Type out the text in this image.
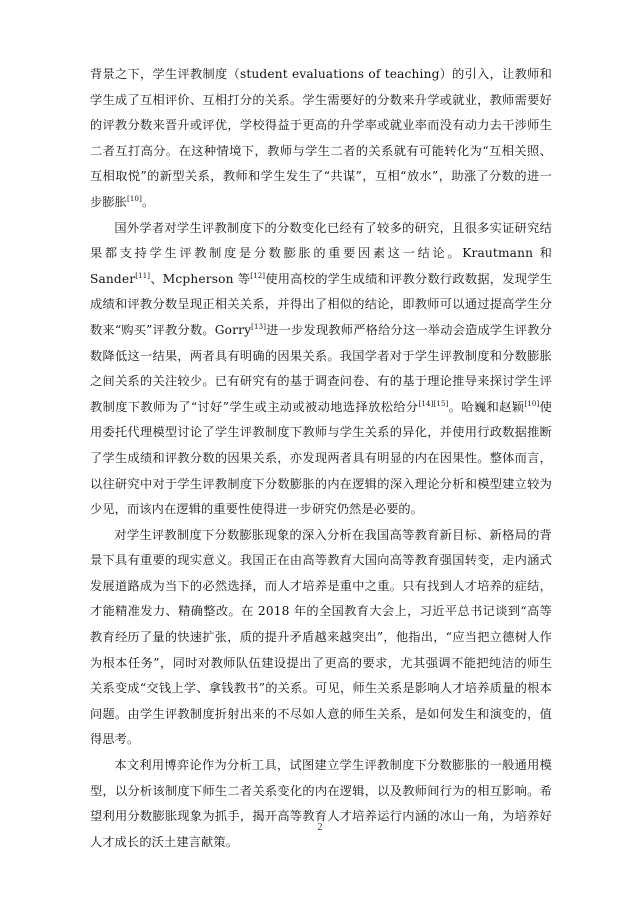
背景之下，学生评教制度（student evaluations of teaching）的引入，让教师和学生成了互相评价、互相打分的关系。学生需要好的分数来升学或就业，教师需要好的评教分数来晋升或评优，学校得益于更高的升学率或就业率而没有动力去干涉师生二者互打高分。在这种情境下，教师与学生二者的关系就有可能转化为“互相关照、互相取悦”的新型关系，教师和学生发生了“共谋”，互相“放水”，助涨了分数的进一步膨胀[10]。

国外学者对学生评教制度下的分数变化已经有了较多的研究，且很多实证研究结果都支持学生评教制度是分数膨胀的重要因素这一结论。Krautmann 和 Sander[11]、Mcpherson 等[12]使用高校的学生成绩和评教分数行政数据，发现学生成绩和评教分数呈现正相关关系，并得出了相似的结论，即教师可以通过提高学生分数来“购买”评教分数。Gorry[13]进一步发现教师严格给分这一举动会造成学生评教分数降低这一结果，两者具有明确的因果关系。我国学者对于学生评教制度和分数膨胀之间关系的关注较少。已有研究有的基于调查问卷、有的基于理论推导来探讨学生评教制度下教师为了“讨好”学生或主动或被动地选择放松给分[14][15]。哈巍和赵颖[10]使用委托代理模型讨论了学生评教制度下教师与学生关系的异化，并使用行政数据推断了学生成绩和评教分数的因果关系，亦发现两者具有明显的内在因果性。整体而言，以往研究中对于学生评教制度下分数膨胀的内在逻辑的深入理论分析和模型建立较为少见，而该内在逻辑的重要性使得进一步研究仍然是必要的。

对学生评教制度下分数膨胀现象的深入分析在我国高等教育新目标、新格局的背景下具有重要的现实意义。我国正在由高等教育大国向高等教育强国转变，走内涵式发展道路成为当下的必然选择，而人才培养是重中之重。只有找到人才培养的症结，才能精准发力、精确整改。在 2018 年的全国教育大会上，习近平总书记谈到“高等教育经历了量的快速扩张，质的提升矛盾越来越突出”，他指出，“应当把立德树人作为根本任务”，同时对教师队伍建设提出了更高的要求，尤其强调不能把纯洁的师生关系变成“交钱上学、拿钱教书”的关系。可见，师生关系是影响人才培养质量的根本问题。由学生评教制度折射出来的不尽如人意的师生关系，是如何发生和演变的，值得思考。

本文利用博弈论作为分析工具，试图建立学生评教制度下分数膨胀的一般通用模型，以分析该制度下师生二者关系变化的内在逻辑，以及教师间行为的相互影响。希望利用分数膨胀现象为抓手，揭开高等教育人才培养运行内涵的冰山一角，为培养好人才成长的沃土建言献策。

2
